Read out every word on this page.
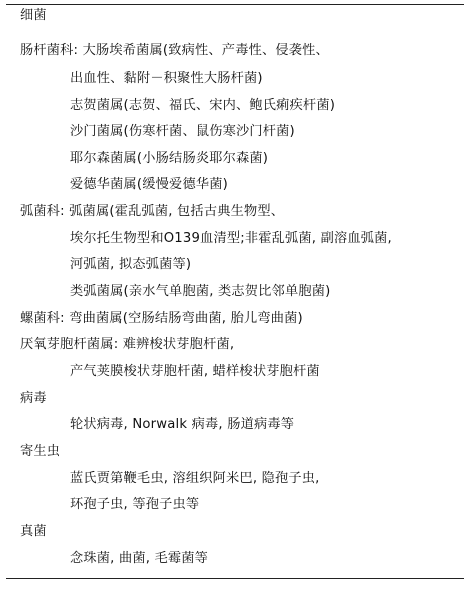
细菌
肠杆菌科: 大肠埃希菌属(致病性、产毒性、侵袭性、
出血性、黏附－积聚性大肠杆菌)
志贺菌属(志贺、福氏、宋内、鲍氏痢疾杆菌)
沙门菌属(伤寒杆菌、鼠伤寒沙门杆菌)
耶尔森菌属(小肠结肠炎耶尔森菌)
爱德华菌属(缓慢爱德华菌)
弧菌科: 弧菌属(霍乱弧菌, 包括古典生物型、
埃尔托生物型和O139血清型;非霍乱弧菌, 副溶血弧菌,
河弧菌, 拟态弧菌等)
类弧菌属(亲水气单胞菌, 类志贺比邻单胞菌)
螺菌科: 弯曲菌属(空肠结肠弯曲菌, 胎儿弯曲菌)
厌氧芽胞杆菌属: 难辨梭状芽胞杆菌,
产气荚膜梭状芽胞杆菌, 蜡样梭状芽胞杆菌
病毒
轮状病毒, Norwalk 病毒, 肠道病毒等
寄生虫
蓝氏贾第鞭毛虫, 溶组织阿米巴, 隐孢子虫,
环孢子虫, 等孢子虫等
真菌
念珠菌, 曲菌, 毛霉菌等
